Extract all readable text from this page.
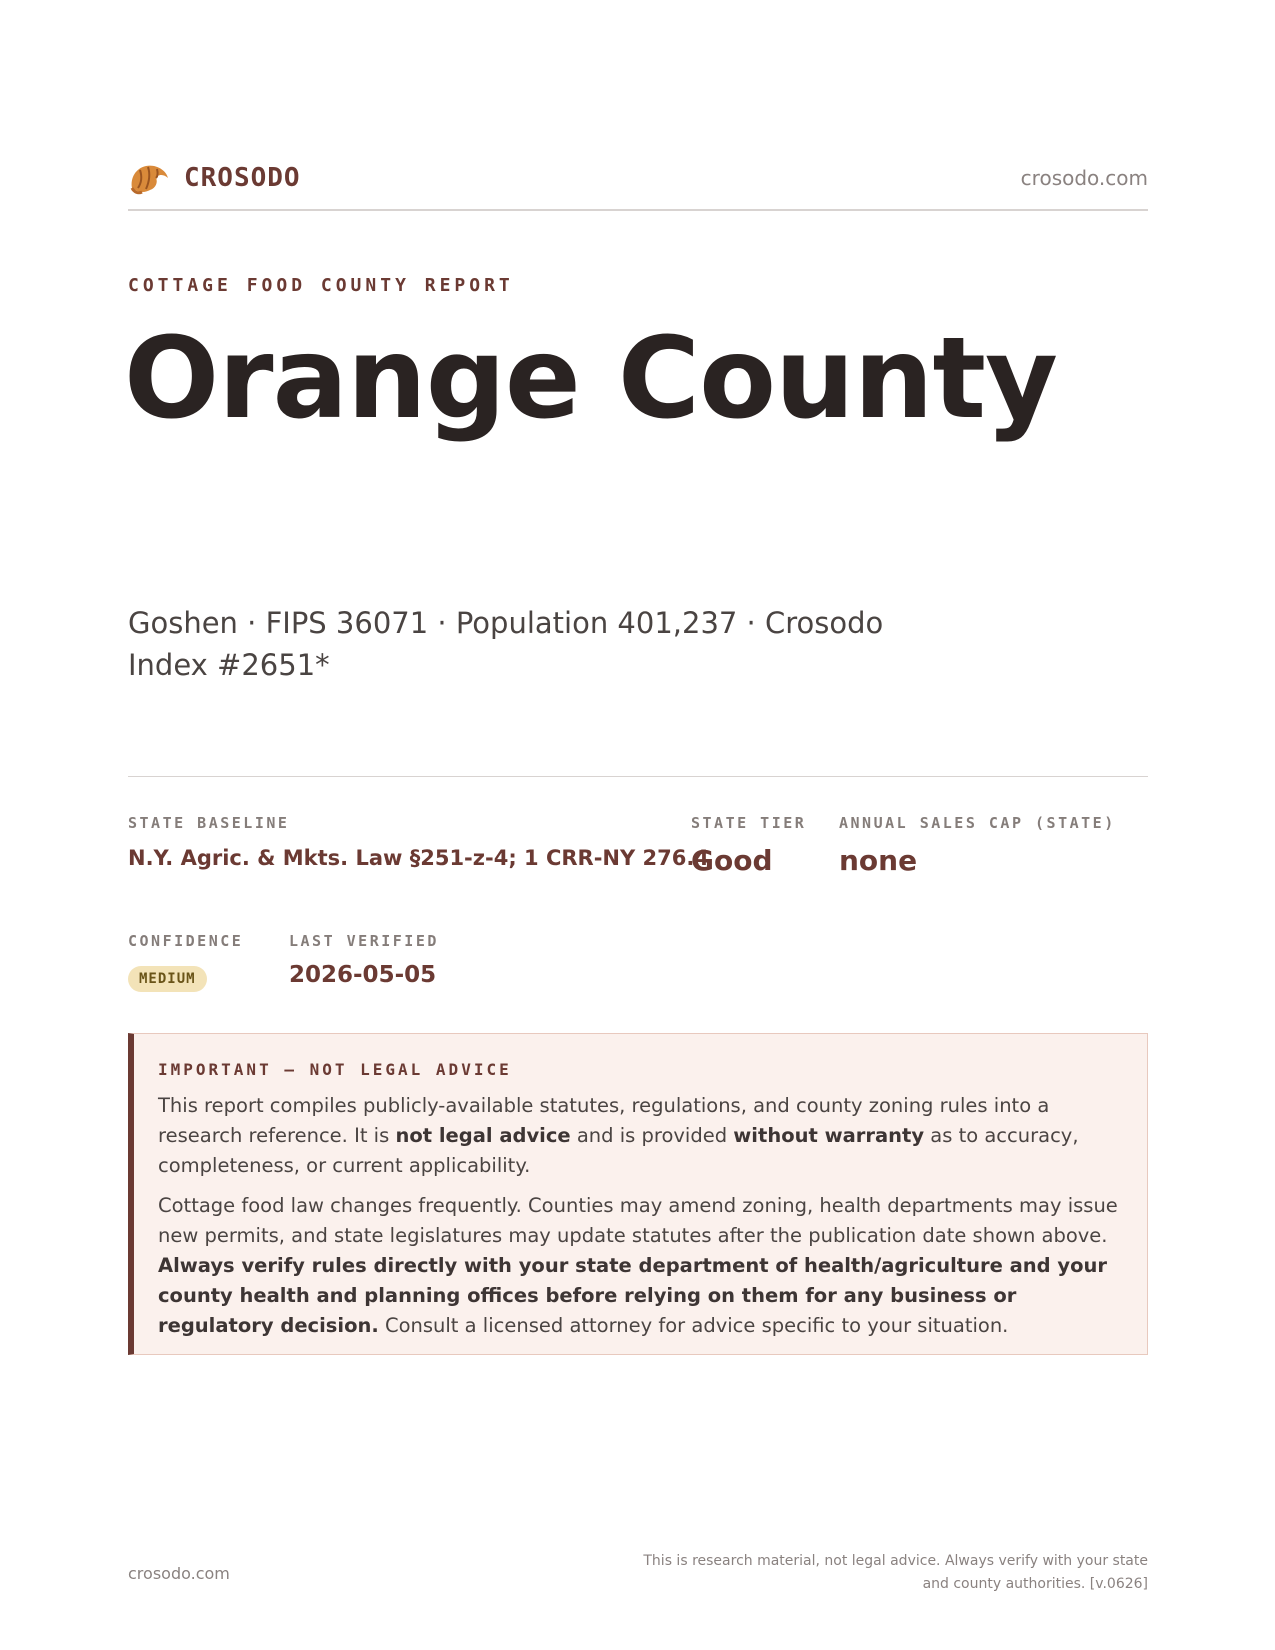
CROSODO	crosodo.com
COTTAGE FOOD COUNTY REPORT
Orange County
Goshen · FIPS 36071 · Population 401,237 · Crosodo Index #2651*
STATE BASELINE
N.Y. Agric. & Mkts. Law §251-z-4; 1 CRR-NY 276.4
STATE TIER
Good
ANNUAL SALES CAP (STATE)
none
CONFIDENCE
MEDIUM
LAST VERIFIED
2026-05-05
IMPORTANT — NOT LEGAL ADVICE

This report compiles publicly-available statutes, regulations, and county zoning rules into a research reference. It is not legal advice and is provided without warranty as to accuracy, completeness, or current applicability.

Cottage food law changes frequently. Counties may amend zoning, health departments may issue new permits, and state legislatures may update statutes after the publication date shown above. Always verify rules directly with your state department of health/agriculture and your county health and planning offices before relying on them for any business or regulatory decision. Consult a licensed attorney for advice specific to your situation.

crosodo.com
This is research material, not legal advice. Always verify with your state
and county authorities. [v.0626]
